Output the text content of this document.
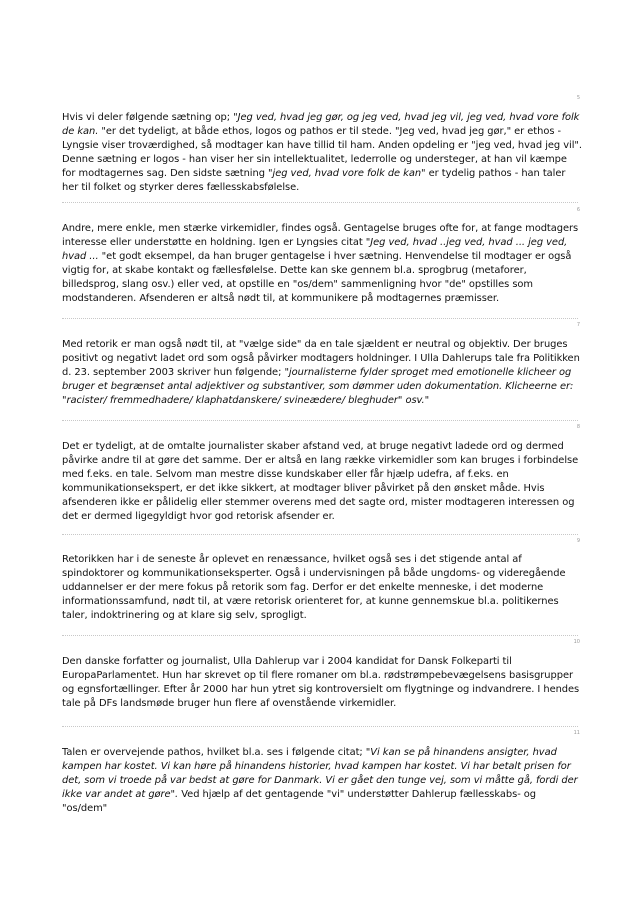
5

Hvis vi deler følgende sætning op; "Jeg ved, hvad jeg gør, og jeg ved, hvad jeg vil, jeg ved, hvad vore folk de kan. "er det tydeligt, at både ethos, logos og pathos er til stede. "Jeg ved, hvad jeg gør," er ethos - Lyngsie viser troværdighed, så modtager kan have tillid til ham. Anden opdeling er "jeg ved, hvad jeg vil". Denne sætning er logos - han viser her sin intellektualitet, lederrolle og understeger, at han vil kæmpe for modtagernes sag. Den sidste sætning "jeg ved, hvad vore folk de kan" er tydelig pathos - han taler her til folket og styrker deres fællesskabsfølelse.

6

Andre, mere enkle, men stærke virkemidler, findes også. Gentagelse bruges ofte for, at fange modtagers interesse eller understøtte en holdning. Igen er Lyngsies citat "Jeg ved, hvad ..jeg ved, hvad ... jeg ved, hvad ... "et godt eksempel, da han bruger gentagelse i hver sætning. Henvendelse til modtager er også vigtig for, at skabe kontakt og fællesfølelse. Dette kan ske gennem bl.a. sprogbrug (metaforer, billedsprog, slang osv.) eller ved, at opstille en "os/dem" sammenligning hvor "de" opstilles som modstanderen. Afsenderen er altså nødt til, at kommunikere på modtagernes præmisser.

7

Med retorik er man også nødt til, at "vælge side" da en tale sjældent er neutral og objektiv. Der bruges positivt og negativt ladet ord som også påvirker modtagers holdninger. I Ulla Dahlerups tale fra Politikken d. 23. september 2003 skriver hun følgende; "journalisterne fylder sproget med emotionelle klicheer og bruger et begrænset antal adjektiver og substantiver, som dømmer uden dokumentation. Klicheerne er: "racister/ fremmedhadere/ klaphatdanskere/ svineædere/ bleghuder" osv."

8

Det er tydeligt, at de omtalte journalister skaber afstand ved, at bruge negativt ladede ord og dermed påvirke andre til at gøre det samme. Der er altså en lang række virkemidler som kan bruges i forbindelse med f.eks. en tale. Selvom man mestre disse kundskaber eller får hjælp udefra, af f.eks. en kommunikationsekspert, er det ikke sikkert, at modtager bliver påvirket på den ønsket måde. Hvis afsenderen ikke er pålidelig eller stemmer overens med det sagte ord, mister modtageren interessen og det er dermed ligegyldigt hvor god retorisk afsender er.

9

Retorikken har i de seneste år oplevet en renæssance, hvilket også ses i det stigende antal af spindoktorer og kommunikationseksperter. Også i undervisningen på både ungdoms- og videregående uddannelser er der mere fokus på retorik som fag. Derfor er det enkelte menneske, i det moderne informationssamfund, nødt til, at være retorisk orienteret for, at kunne gennemskue bl.a. politikernes taler, indoktrinering og at klare sig selv, sprogligt.

10

Den danske forfatter og journalist, Ulla Dahlerup var i 2004 kandidat for Dansk Folkeparti til EuropaParlamentet. Hun har skrevet op til flere romaner om bl.a. rødstrømpebevægelsens basisgrupper og egnsfortællinger. Efter år 2000 har hun ytret sig kontroversielt om flygtninge og indvandrere. I hendes tale på DFs landsmøde bruger hun flere af ovenstående virkemidler.

11

Talen er overvejende pathos, hvilket bl.a. ses i følgende citat; "Vi kan se på hinandens ansigter, hvad kampen har kostet. Vi kan høre på hinandens historier, hvad kampen har kostet. Vi har betalt prisen for det, som vi troede på var bedst at gøre for Danmark. Vi er gået den tunge vej, som vi måtte gå, fordi der ikke var andet at gøre". Ved hjælp af det gentagende "vi" understøtter Dahlerup fællesskabs- og "os/dem"
